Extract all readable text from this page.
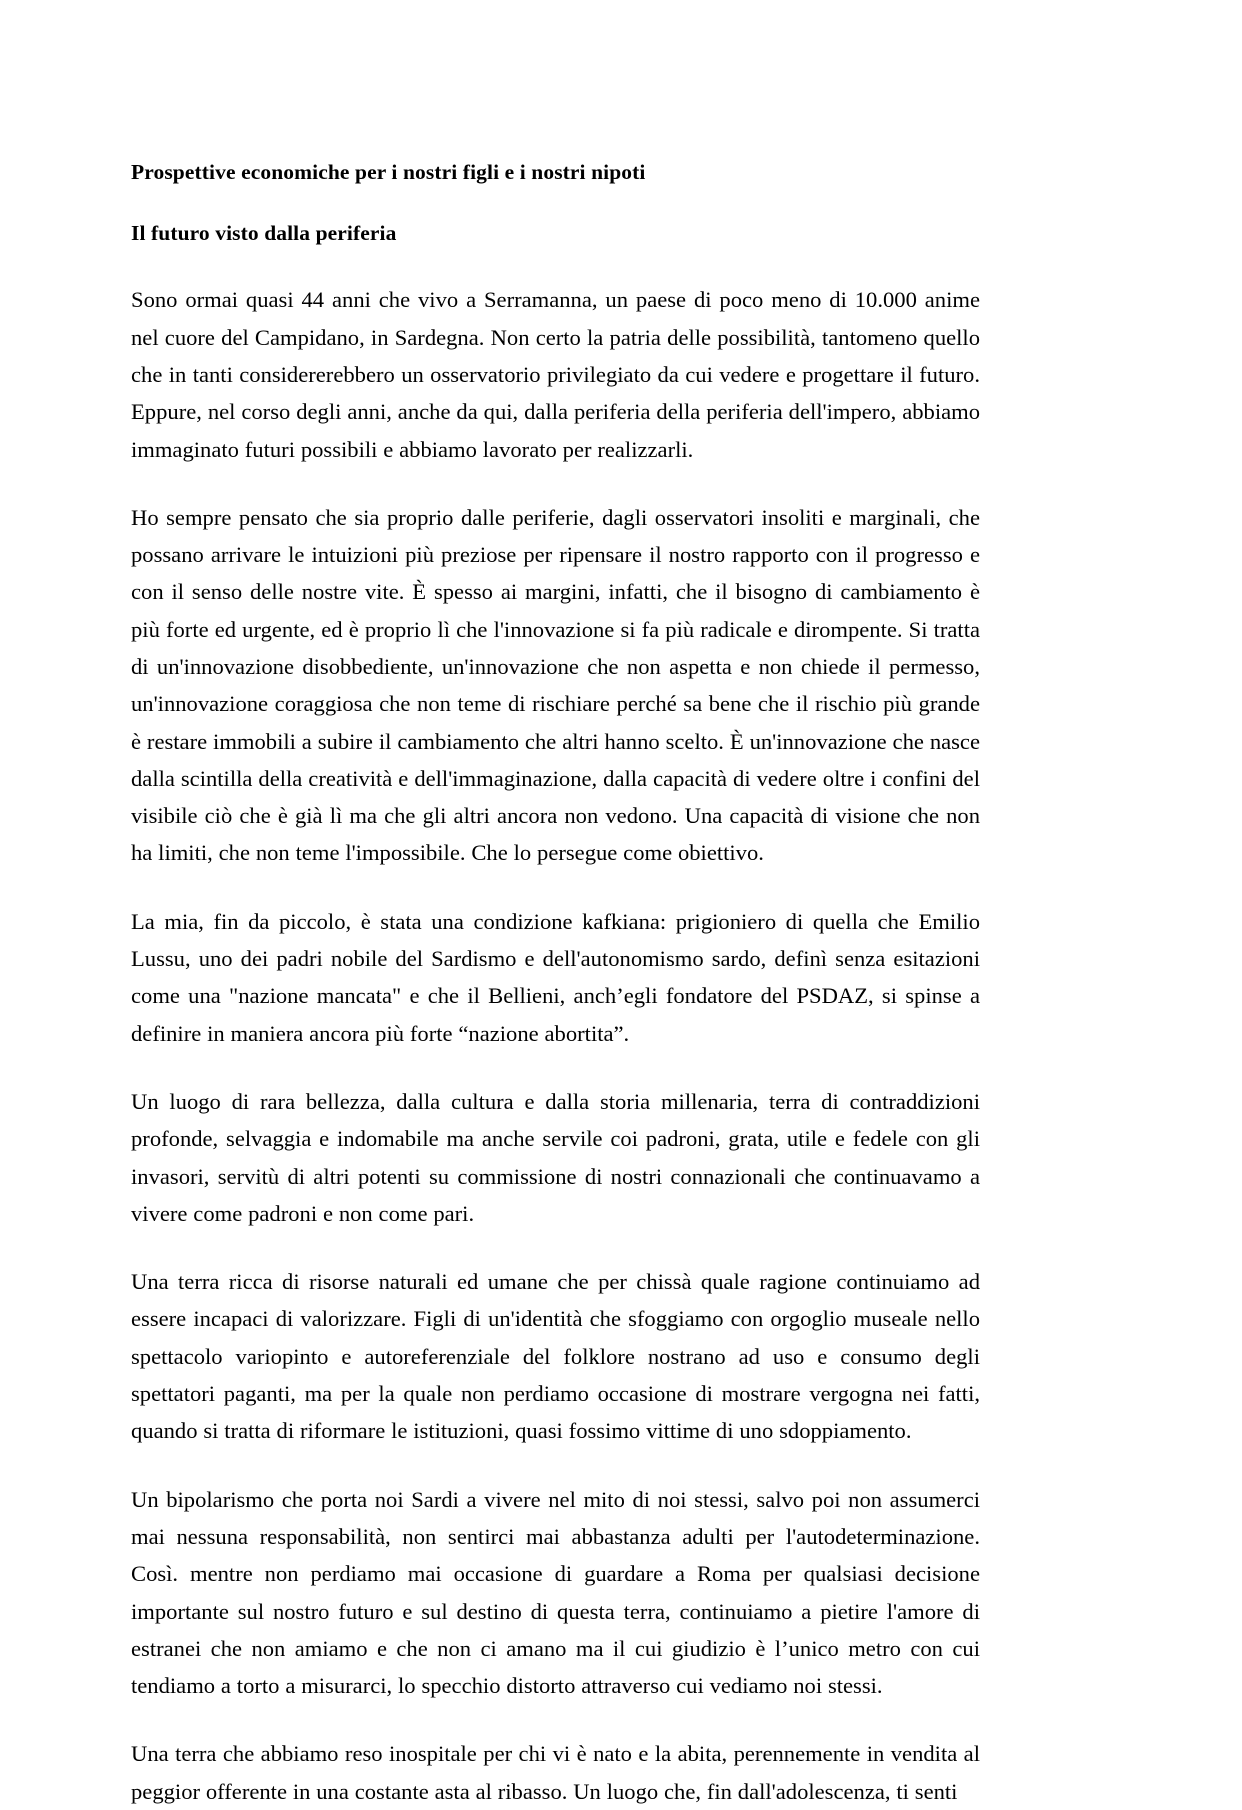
Prospettive economiche per i nostri figli e i nostri nipoti
Il futuro visto dalla periferia

Sono ormai quasi 44 anni che vivo a Serramanna, un paese di poco meno di 10.000 anime nel cuore del Campidano, in Sardegna. Non certo la patria delle possibilità, tantomeno quello che in tanti considererebbero un osservatorio privilegiato da cui vedere e progettare il futuro. Eppure, nel corso degli anni, anche da qui, dalla periferia della periferia dell'impero, abbiamo immaginato futuri possibili e abbiamo lavorato per realizzarli.

Ho sempre pensato che sia proprio dalle periferie, dagli osservatori insoliti e marginali, che possano arrivare le intuizioni più preziose per ripensare il nostro rapporto con il progresso e con il senso delle nostre vite. È spesso ai margini, infatti, che il bisogno di cambiamento è più forte ed urgente, ed è proprio lì che l'innovazione si fa più radicale e dirompente. Si tratta di un'innovazione disobbediente, un'innovazione che non aspetta e non chiede il permesso, un'innovazione coraggiosa che non teme di rischiare perché sa bene che il rischio più grande è restare immobili a subire il cambiamento che altri hanno scelto. È un'innovazione che nasce dalla scintilla della creatività e dell'immaginazione, dalla capacità di vedere oltre i confini del visibile ciò che è già lì ma che gli altri ancora non vedono. Una capacità di visione che non ha limiti, che non teme l'impossibile. Che lo persegue come obiettivo.

La mia, fin da piccolo, è stata una condizione kafkiana: prigioniero di quella che Emilio Lussu, uno dei padri nobile del Sardismo e dell'autonomismo sardo, definì senza esitazioni come una "nazione mancata" e che il Bellieni, anch’egli fondatore del PSDAZ, si spinse a definire in maniera ancora più forte “nazione abortita”.

Un luogo di rara bellezza, dalla cultura e dalla storia millenaria, terra di contraddizioni profonde, selvaggia e indomabile ma anche servile coi padroni, grata, utile e fedele con gli invasori, servitù di altri potenti su commissione di nostri connazionali che continuavamo a vivere come padroni e non come pari.

Una terra ricca di risorse naturali ed umane che per chissà quale ragione continuiamo ad essere incapaci di valorizzare. Figli di un'identità che sfoggiamo con orgoglio museale nello spettacolo variopinto e autoreferenziale del folklore nostrano ad uso e consumo degli spettatori paganti, ma per la quale non perdiamo occasione di mostrare vergogna nei fatti, quando si tratta di riformare le istituzioni, quasi fossimo vittime di uno sdoppiamento.

Un bipolarismo che porta noi Sardi a vivere nel mito di noi stessi, salvo poi non assumerci mai nessuna responsabilità, non sentirci mai abbastanza adulti per l'autodeterminazione. Così. mentre non perdiamo mai occasione di guardare a Roma per qualsiasi decisione importante sul nostro futuro e sul destino di questa terra, continuiamo a pietire l'amore di estranei che non amiamo e che non ci amano ma il cui giudizio è l’unico metro con cui tendiamo a torto a misurarci, lo specchio distorto attraverso cui vediamo noi stessi.

Una terra che abbiamo reso inospitale per chi vi è nato e la abita, perennemente in vendita al peggior offerente in una costante asta al ribasso. Un luogo che, fin dall'adolescenza, ti senti
